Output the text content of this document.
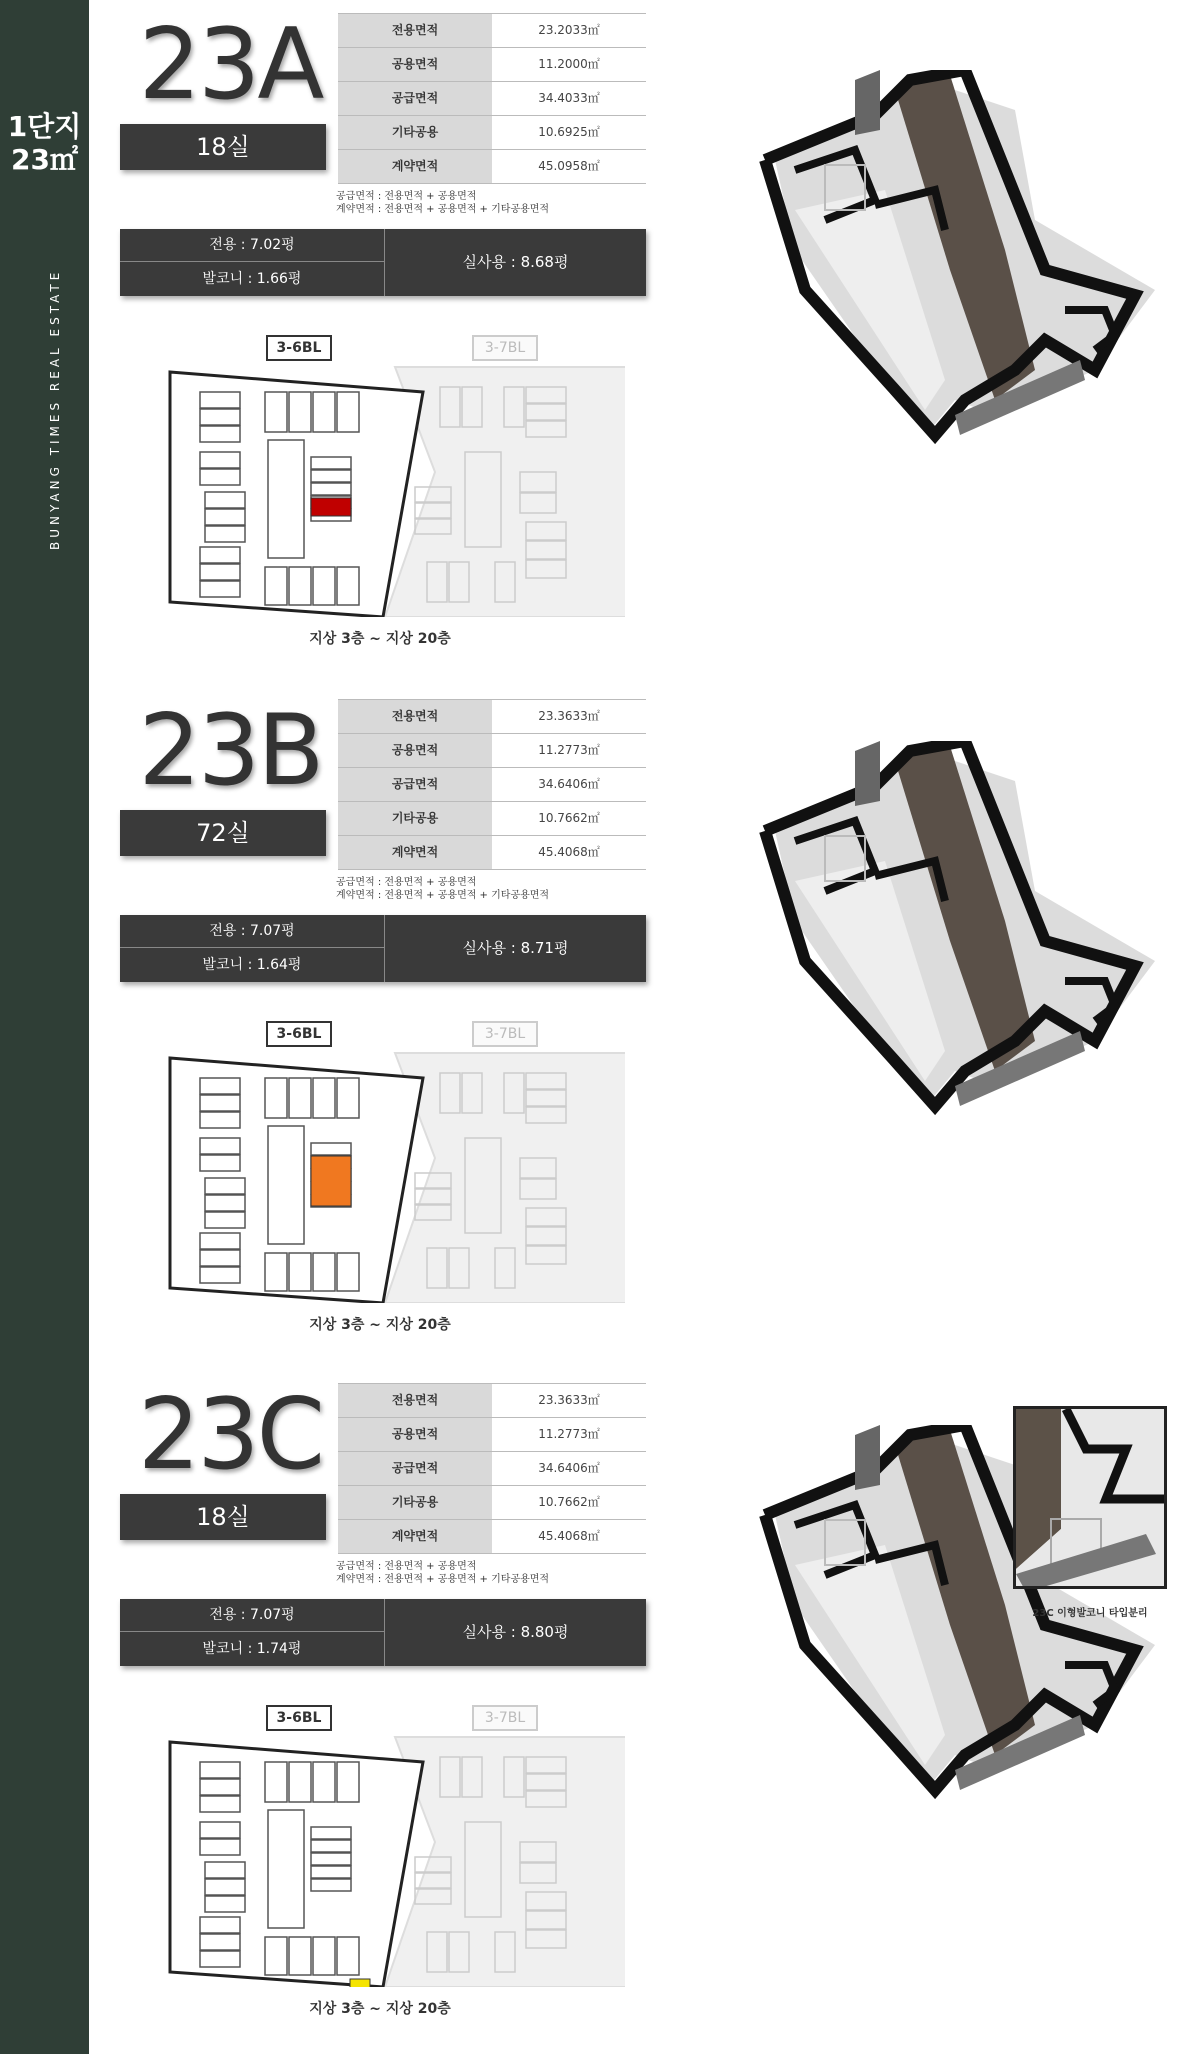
1단지
23㎡
BUNYANG TIMES REAL ESTATE
23A
18실
전용면적	23.2033㎡
공용면적	11.2000㎡
공급면적	34.4033㎡
기타공용	10.6925㎡
계약면적	45.0958㎡
공급면적 : 전용면적 + 공용면적
계약면적 : 전용면적 + 공용면적 + 기타공용면적
전용 : 7.02평
발코니 : 1.66평
실사용 : 8.68평
3-6BL	3-7BL
지상 3층 ~ 지상 20층
23B
72실
전용면적	23.3633㎡
공용면적	11.2773㎡
공급면적	34.6406㎡
기타공용	10.7662㎡
계약면적	45.4068㎡
공급면적 : 전용면적 + 공용면적
계약면적 : 전용면적 + 공용면적 + 기타공용면적
전용 : 7.07평
발코니 : 1.64평
실사용 : 8.71평
3-6BL	3-7BL
지상 3층 ~ 지상 20층
23C
18실
전용면적	23.3633㎡
공용면적	11.2773㎡
공급면적	34.6406㎡
기타공용	10.7662㎡
계약면적	45.4068㎡
공급면적 : 전용면적 + 공용면적
계약면적 : 전용면적 + 공용면적 + 기타공용면적
전용 : 7.07평
발코니 : 1.74평
실사용 : 8.80평
3-6BL	3-7BL
지상 3층 ~ 지상 20층
23C 이형발코니 타입분리
